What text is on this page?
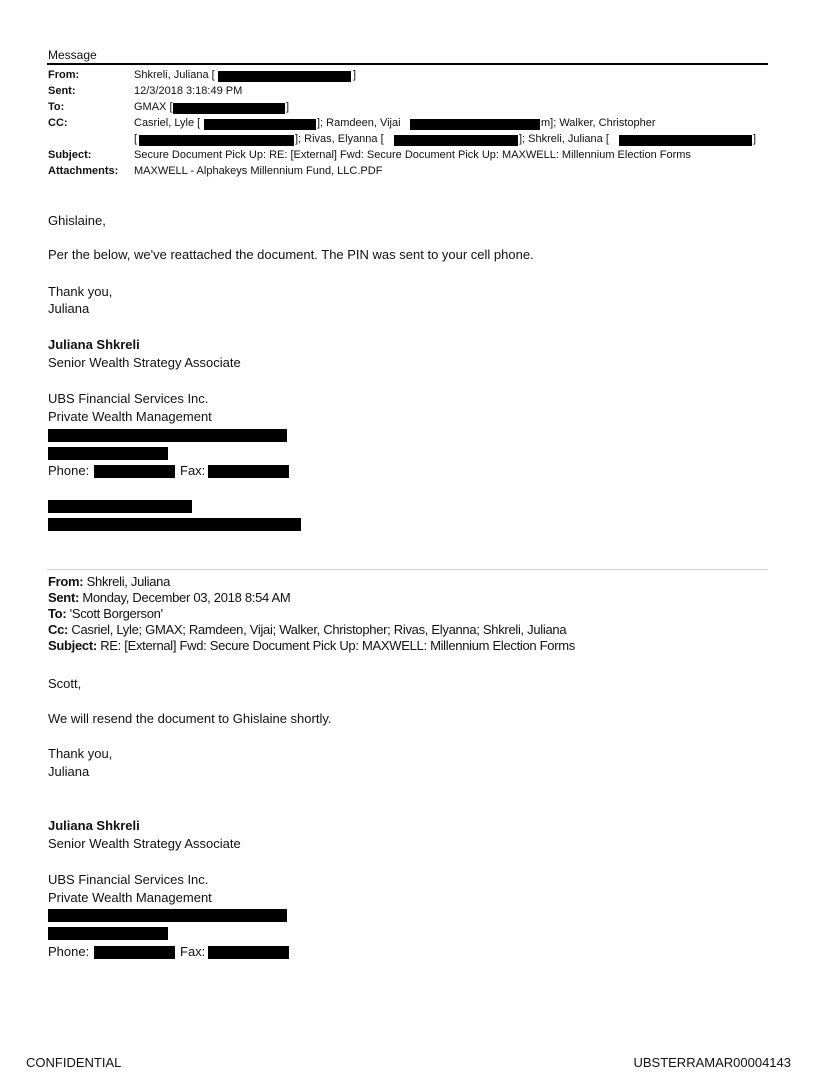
Message
From:	Shkreli, Juliana [	]
Sent:	12/3/2018 3:18:49 PM
To:	GMAX [	]
CC:	Casriel, Lyle [	]; Ramdeen, Vijai	m]; Walker, Christopher
[	]; Rivas, Elyanna [	]; Shkreli, Juliana [	]
Subject:	Secure Document Pick Up: RE: [External] Fwd: Secure Document Pick Up: MAXWELL: Millennium Election Forms
Attachments: MAXWELL - Alphakeys Millennium Fund, LLC.PDF
Ghislaine,
Per the below, we've reattached the document. The PIN was sent to your cell phone.
Thank you,
Juliana
Juliana Shkreli
Senior Wealth Strategy Associate
UBS Financial Services Inc.
Private Wealth Management
Phone:	Fax:
From: Shkreli, Juliana
Sent: Monday, December 03, 2018 8:54 AM
To: 'Scott Borgerson'
Cc: Casriel, Lyle; GMAX; Ramdeen, Vijai; Walker, Christopher; Rivas, Elyanna; Shkreli, Juliana
Subject: RE: [External] Fwd: Secure Document Pick Up: MAXWELL: Millennium Election Forms
Scott,
We will resend the document to Ghislaine shortly.
Thank you,
Juliana
Juliana Shkreli
Senior Wealth Strategy Associate
UBS Financial Services Inc.
Private Wealth Management
Phone:	Fax:
CONFIDENTIAL	UBSTERRAMAR00004143
